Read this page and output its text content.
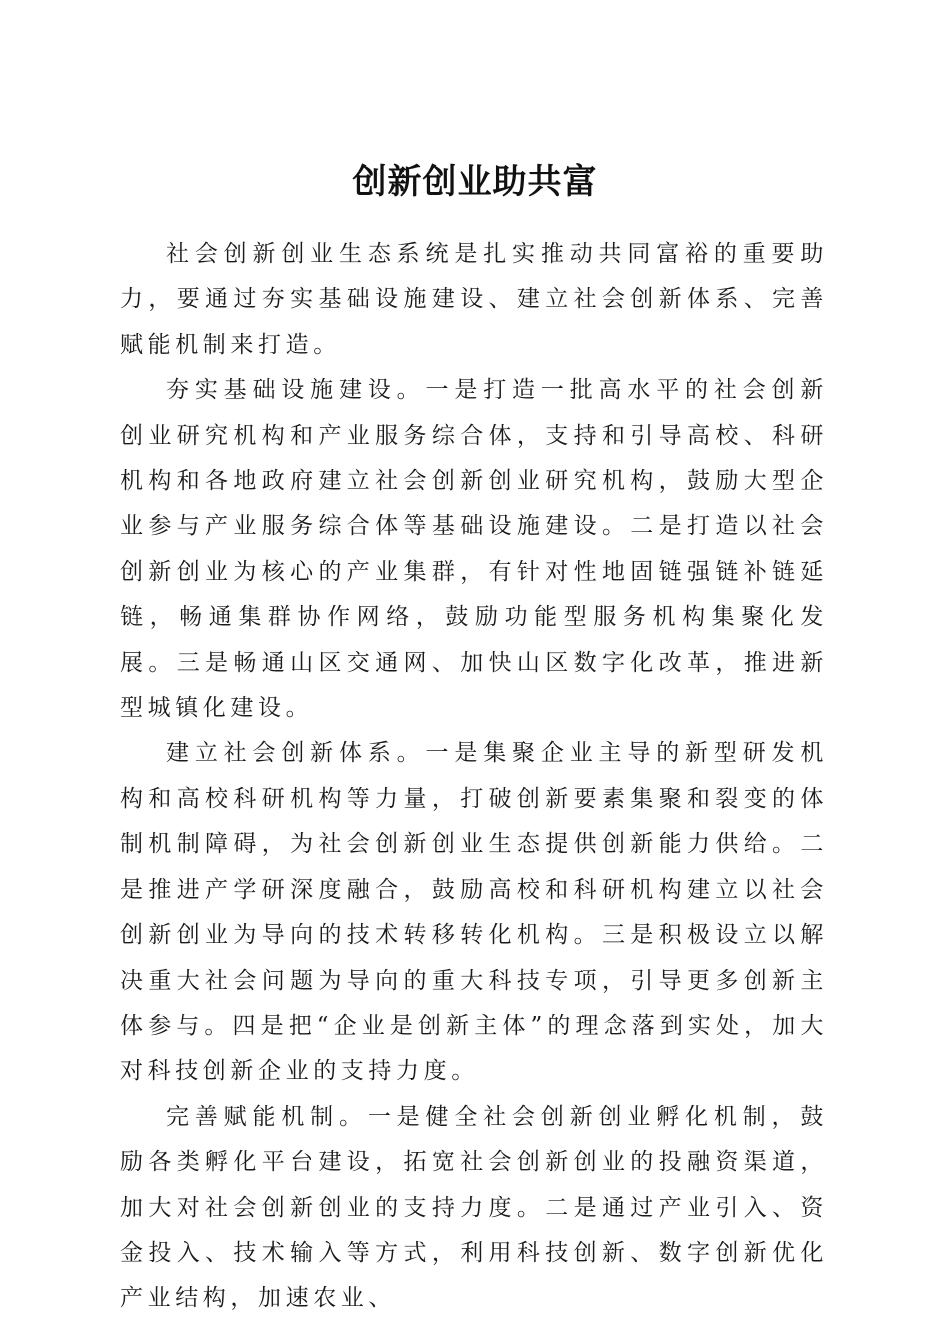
创新创业助共富

社会创新创业生态系统是扎实推动共同富裕的重要助力，要通过夯实基础设施建设、建立社会创新体系、完善赋能机制来打造。

夯实基础设施建设。一是打造一批高水平的社会创新创业研究机构和产业服务综合体，支持和引导高校、科研机构和各地政府建立社会创新创业研究机构，鼓励大型企业参与产业服务综合体等基础设施建设。二是打造以社会创新创业为核心的产业集群，有针对性地固链强链补链延链，畅通集群协作网络，鼓励功能型服务机构集聚化发展。三是畅通山区交通网、加快山区数字化改革，推进新型城镇化建设。

建立社会创新体系。一是集聚企业主导的新型研发机构和高校科研机构等力量，打破创新要素集聚和裂变的体制机制障碍，为社会创新创业生态提供创新能力供给。二是推进产学研深度融合，鼓励高校和科研机构建立以社会创新创业为导向的技术转移转化机构。三是积极设立以解决重大社会问题为导向的重大科技专项，引导更多创新主体参与。四是把“企业是创新主体”的理念落到实处，加大对科技创新企业的支持力度。

完善赋能机制。一是健全社会创新创业孵化机制，鼓励各类孵化平台建设，拓宽社会创新创业的投融资渠道，加大对社会创新创业的支持力度。二是通过产业引入、资金投入、技术输入等方式，利用科技创新、数字创新优化产业结构，加速农业、
